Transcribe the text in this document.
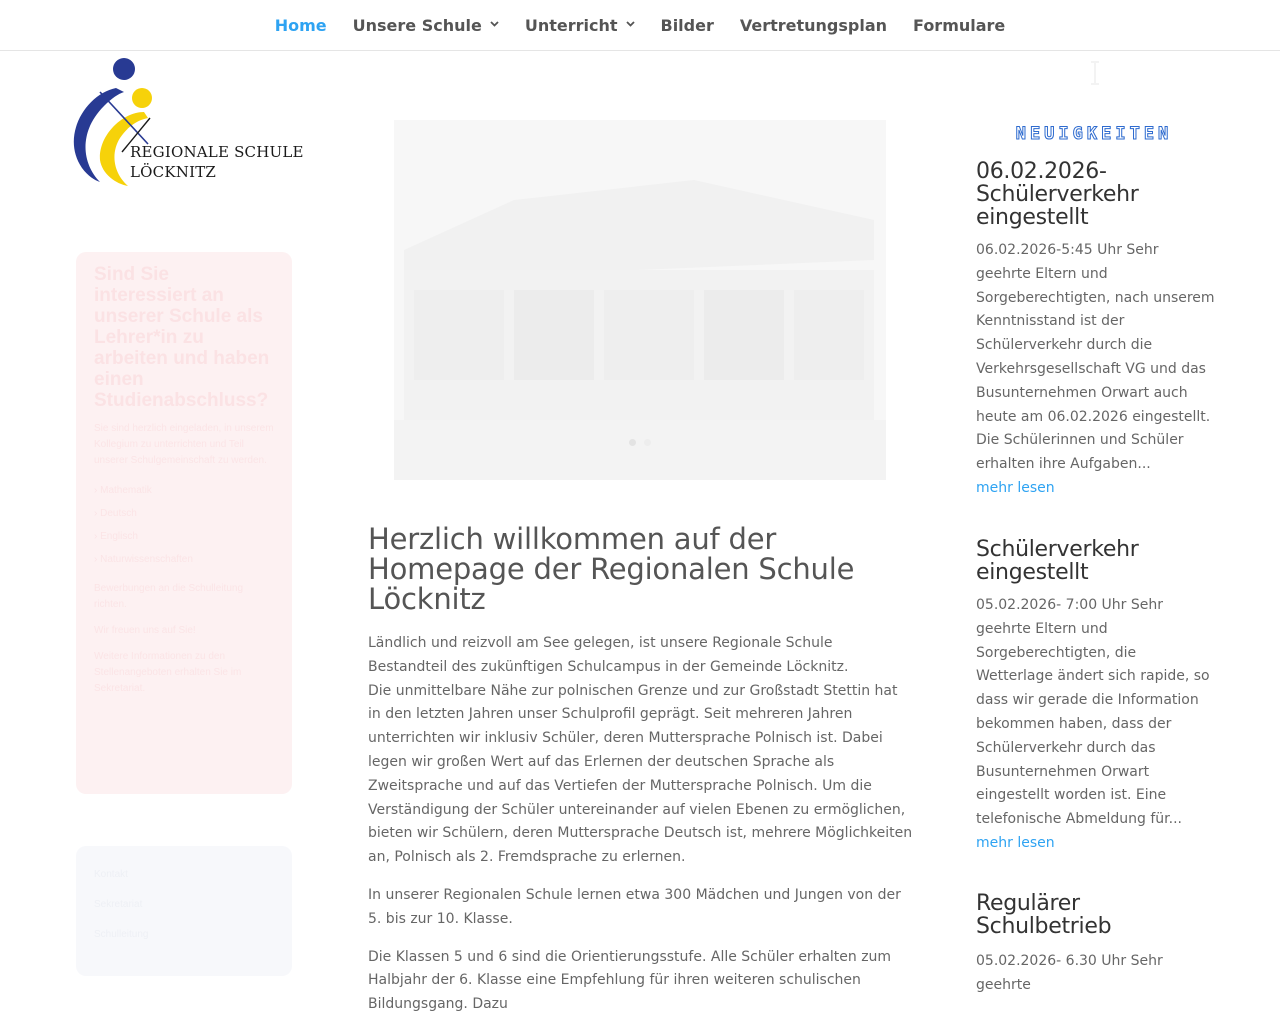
Home Unsere Schule	Unterricht	Bilder Vertretungsplan Formulare
REGIONALE SCHULE
LÖCKNITZ
Sind Sie interessiert an unserer Schule als Lehrer*in zu arbeiten und haben einen Studienabschluss?

Sie sind herzlich eingeladen, in unserem Kollegium zu unterrichten und Teil unserer Schulgemeinschaft zu werden.

› Mathematik
› Deutsch
› Englisch
› Naturwissenschaften

Bewerbungen an die Schulleitung richten.

Wir freuen uns auf Sie!

Weitere Informationen zu den Stellenangeboten erhalten Sie im Sekretariat.

Kontakt

Sekretariat

Schulleitung

Herzlich willkommen auf der Homepage der Regionalen Schule Löcknitz

Ländlich und reizvoll am See gelegen, ist unsere Regionale Schule Bestandteil des zukünftigen Schulcampus in der Gemeinde Löcknitz.
Die unmittelbare Nähe zur polnischen Grenze und zur Großstadt Stettin hat in den letzten Jahren unser Schulprofil geprägt. Seit mehreren Jahren unterrichten wir inklusiv Schüler, deren Muttersprache Polnisch ist. Dabei legen wir großen Wert auf das Erlernen der deutschen Sprache als Zweitsprache und auf das Vertiefen der Muttersprache Polnisch. Um die Verständigung der Schüler untereinander auf vielen Ebenen zu ermöglichen, bieten wir Schülern, deren Muttersprache Deutsch ist, mehrere Möglichkeiten an, Polnisch als 2. Fremdsprache zu erlernen.

In unserer Regionalen Schule lernen etwa 300 Mädchen und Jungen von der 5. bis zur 10. Klasse.

Die Klassen 5 und 6 sind die Orientierungsstufe. Alle Schüler erhalten zum Halbjahr der 6. Klasse eine Empfehlung für ihren weiteren schulischen Bildungsgang. Dazu

NEUIGKEITEN
06.02.2026- Schülerverkehr eingestellt

06.02.2026-5:45 Uhr Sehr geehrte Eltern und Sorgeberechtigten, nach unserem Kenntnisstand ist der Schülerverkehr durch die Verkehrsgesellschaft VG und das Busunternehmen Orwart auch heute am 06.02.2026 eingestellt. Die Schülerinnen und Schüler erhalten ihre Aufgaben...

mehr lesen
Schülerverkehr eingestellt

05.02.2026- 7:00 Uhr Sehr geehrte Eltern und Sorgeberechtigten, die Wetterlage ändert sich rapide, so dass wir gerade die Information bekommen haben, dass der Schülerverkehr durch das Busunternehmen Orwart eingestellt worden ist. Eine telefonische Abmeldung für...

mehr lesen
Regulärer Schulbetrieb

05.02.2026- 6.30 Uhr Sehr geehrte
